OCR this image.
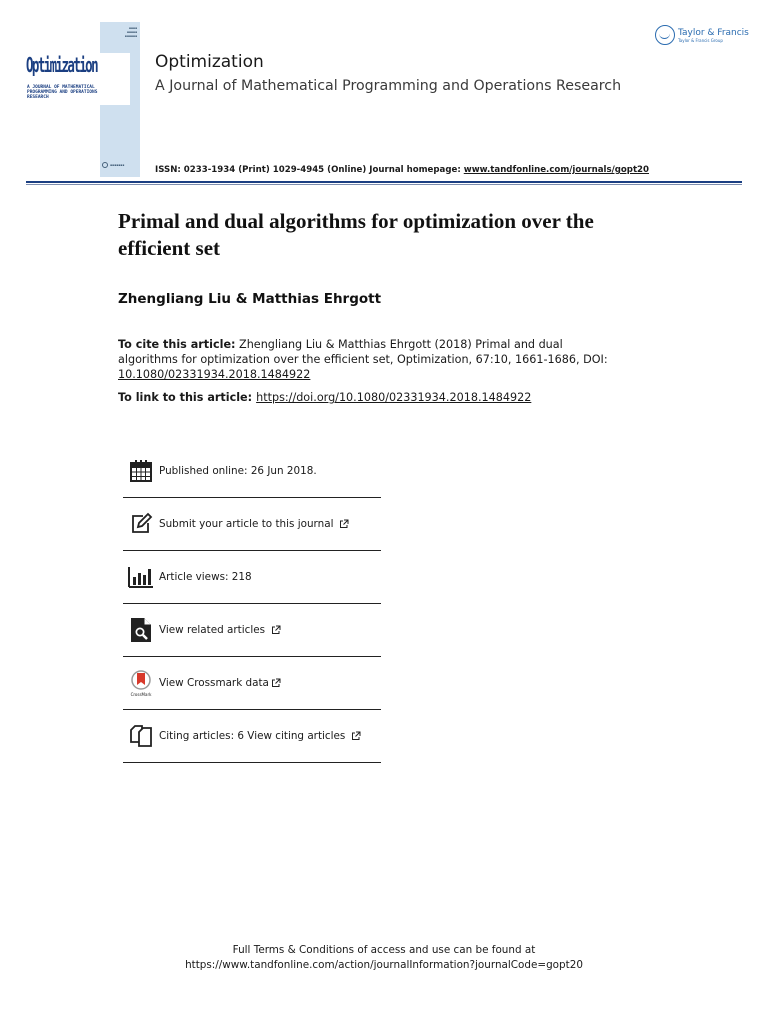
▪▪▪▪
▪▪▪▪▪
▪▪▪▪▪▪
Optimization
A JOURNAL OF MATHEMATICAL PROGRAMMING AND OPERATIONS RESEARCH
▪▪▪▪▪▪▪
Optimization
A Journal of Mathematical Programming and Operations Research
ISSN: 0233-1934 (Print) 1029-4945 (Online) Journal homepage: www.tandfonline.com/journals/gopt20
Taylor & Francis
Taylor & Francis Group
Primal and dual algorithms for optimization over the efficient set
Zhengliang Liu & Matthias Ehrgott
To cite this article: Zhengliang Liu & Matthias Ehrgott (2018) Primal and dual algorithms for optimization over the efficient set, Optimization, 67:10, 1661-1686, DOI: 10.1080/02331934.2018.1484922
To link to this article: https://doi.org/10.1080/02331934.2018.1484922
Published online: 26 Jun 2018.
Submit your article to this journal
Article views: 218
View related articles
CrossMark
View Crossmark data
Citing articles: 6 View citing articles
Full Terms & Conditions of access and use can be found at
https://www.tandfonline.com/action/journalInformation?journalCode=gopt20
